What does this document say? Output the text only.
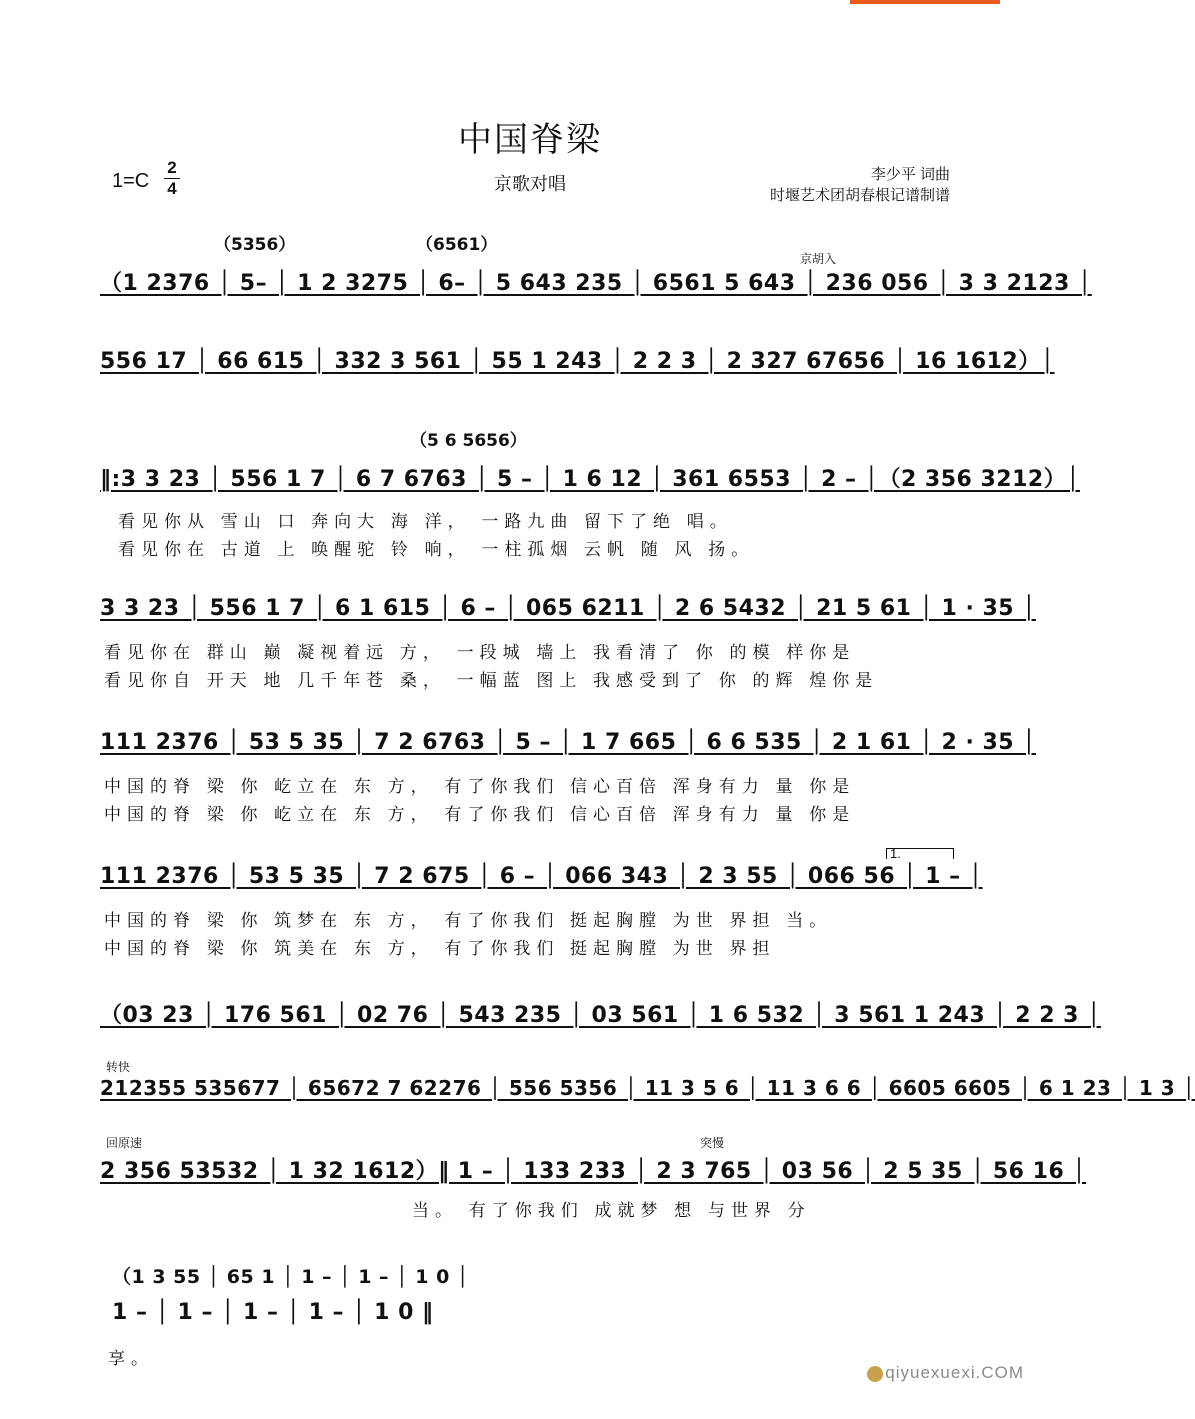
中国脊梁
1=C
2
4	京歌对唱	李少平 词曲
时堰艺术团胡春根记谱制谱
（5356）	（6561）
京胡入
（1 2376 │ 5– │ 1 2 3275 │ 6– │ 5 643 235 │ 6561 5 643 │ 236 056 │ 3 3 2123 │
556 17 │ 66 615 │ 332 3 561 │ 55 1 243 │ 2 2 3 │ 2 327 67656 │ 16 1612）│
（5 6 5656）
‖:3 3 23 │ 556 1 7 │ 6 7 6763 │ 5 – │ 1 6 12 │ 361 6553 │ 2 – │（2 356 3212）│
看见你从 雪山 口 奔向大 海 洋， 一路九曲 留下了绝 唱。
看见你在 古道 上 唤醒驼 铃 响， 一柱孤烟 云帆 随 风 扬。
3 3 23 │ 556 1 7 │ 6 1 615 │ 6 – │ 065 6211 │ 2 6 5432 │ 21 5 61 │ 1 · 35 │
看见你在 群山 巅 凝视着远 方， 一段城 墙上 我看清了 你 的模 样你是
看见你自 开天 地 几千年苍 桑， 一幅蓝 图上 我感受到了 你 的辉 煌你是
111 2376 │ 53 5 35 │ 7 2 6763 │ 5 – │ 1 7 665 │ 6 6 535 │ 2 1 61 │ 2 · 35 │
中国的脊 梁 你 屹立在 东 方， 有了你我们 信心百倍 浑身有力 量 你是
中国的脊 梁 你 屹立在 东 方， 有了你我们 信心百倍 浑身有力 量 你是
1.
111 2376 │ 53 5 35 │ 7 2 675 │ 6 – │ 066 343 │ 2 3 55 │ 066 56 │ 1 – │
中国的脊 梁 你 筑梦在 东 方， 有了你我们 挺起胸膛 为世 界担 当。
中国的脊 梁 你 筑美在 东 方， 有了你我们 挺起胸膛 为世 界担
（03 23 │ 176 561 │ 02 76 │ 543 235 │ 03 561 │ 1 6 532 │ 3 561 1 243 │ 2 2 3 │
转快
212355 535677 │ 65672 7 62276 │ 556 5356 │ 11 3 5 6 │ 11 3 6 6 │ 6605 6605 │ 6 1 23 │ 1 3 │
回原速	突慢
2 356 53532 │ 1 32 1612）‖ 1 – │ 133 233 │ 2 3 765 │ 03 56 │ 2 5 35 │ 56 16 │
当。 有了你我们 成就梦 想 与世界 分
（1 3 55 │ 65 1 │ 1 – │ 1 – │ 1 0 │
1 – │ 1 – │ 1 – │ 1 – │ 1 0 ‖
享。
qiyuexuexi.COM
